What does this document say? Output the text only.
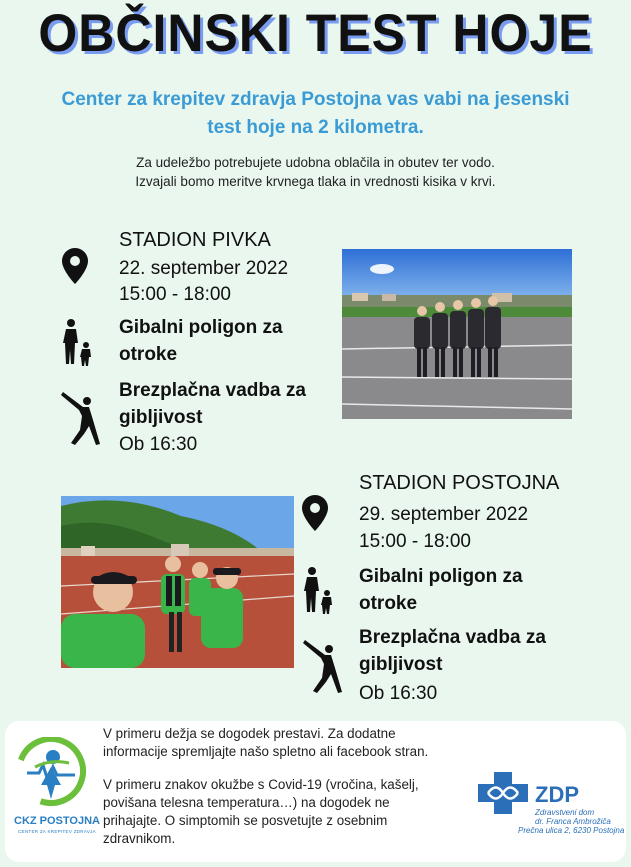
OBČINSKI TEST HOJE
Center za krepitev zdravja Postojna vas vabi na jesenski
test hoje na 2 kilometra.
Za udeležbo potrebujete udobna oblačila in obutev ter vodo.
Izvajali bomo meritve krvnega tlaka in vrednosti kisika v krvi.
STADION PIVKA
22. september 2022
15:00 - 18:00
Gibalni poligon za
otroke
Brezplačna vadba za
gibljivost
Ob 16:30
STADION POSTOJNA
29. september 2022
15:00 - 18:00
Gibalni poligon za
otroke
Brezplačna vadba za
gibljivost
Ob 16:30
CKZ POSTOJNA
CENTER ZA KREPITEV ZDRAVJA
V primeru dežja se dogodek prestavi. Za dodatne
informacije spremljajte našo spletno ali facebook stran.
V primeru znakov okužbe s Covid-19 (vročina, kašelj,
povišana telesna temperatura…) na dogodek ne
prihajajte. O simptomih se posvetujte z osebnim
zdravnikom.
ZDP
Zdravstveni dom
dr. Franca Ambrožiča
Prečna ulica 2, 6230 Postojna
